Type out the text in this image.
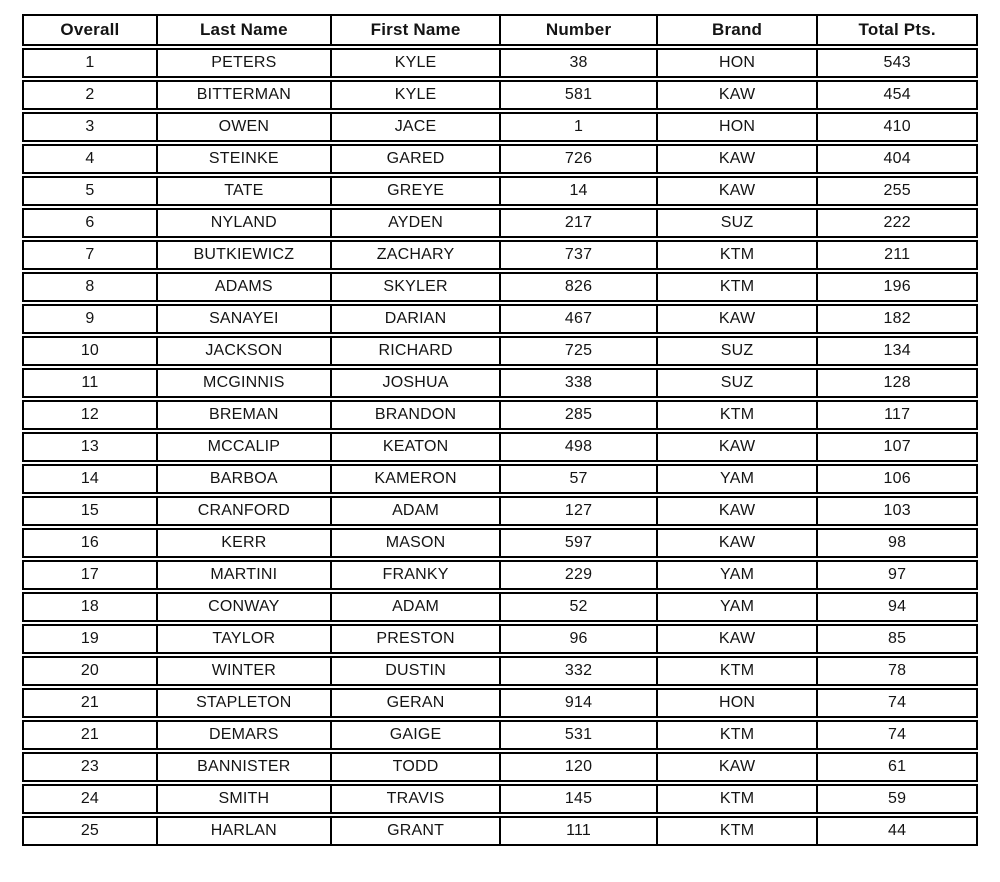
Overall	Last Name	First Name	Number	Brand	Total Pts.
1	PETERS	KYLE	38	HON	543
2	BITTERMAN	KYLE	581	KAW	454
3	OWEN	JACE	1	HON	410
4	STEINKE	GARED	726	KAW	404
5	TATE	GREYE	14	KAW	255
6	NYLAND	AYDEN	217	SUZ	222
7	BUTKIEWICZ	ZACHARY	737	KTM	211
8	ADAMS	SKYLER	826	KTM	196
9	SANAYEI	DARIAN	467	KAW	182
10	JACKSON	RICHARD	725	SUZ	134
11	MCGINNIS	JOSHUA	338	SUZ	128
12	BREMAN	BRANDON	285	KTM	117
13	MCCALIP	KEATON	498	KAW	107
14	BARBOA	KAMERON	57	YAM	106
15	CRANFORD	ADAM	127	KAW	103
16	KERR	MASON	597	KAW	98
17	MARTINI	FRANKY	229	YAM	97
18	CONWAY	ADAM	52	YAM	94
19	TAYLOR	PRESTON	96	KAW	85
20	WINTER	DUSTIN	332	KTM	78
21	STAPLETON	GERAN	914	HON	74
21	DEMARS	GAIGE	531	KTM	74
23	BANNISTER	TODD	120	KAW	61
24	SMITH	TRAVIS	145	KTM	59
25	HARLAN	GRANT	111	KTM	44
